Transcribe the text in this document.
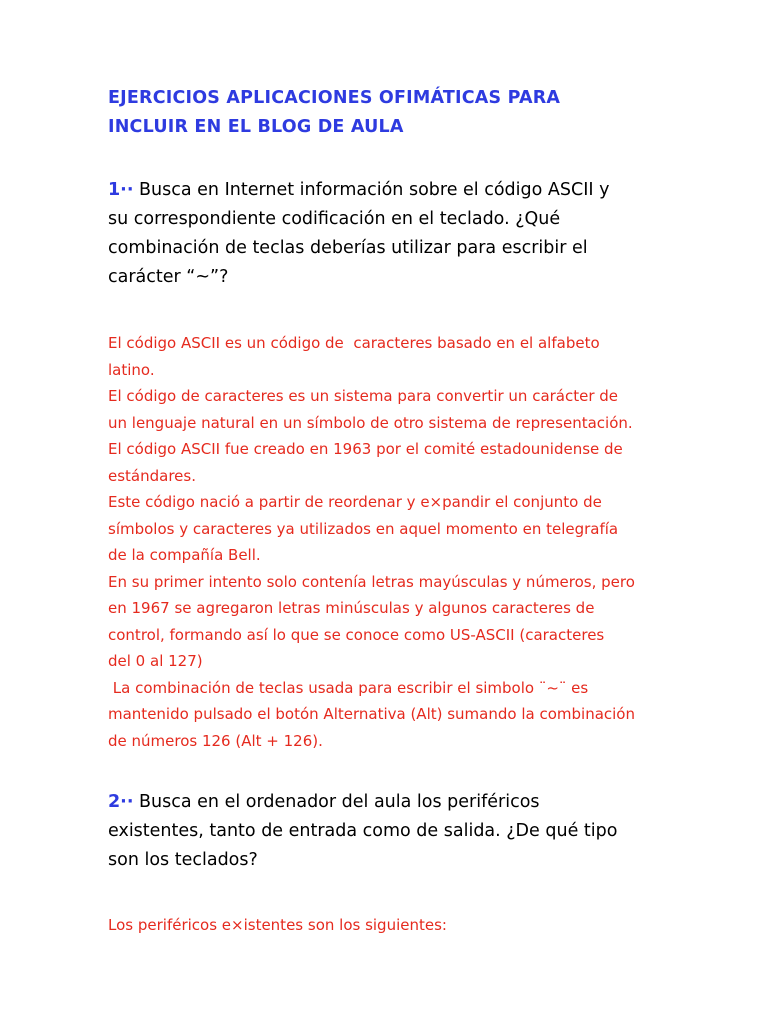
EJERCICIOS APLICACIONES OFIMÁTICAS PARA
INCLUIR EN EL BLOG DE AULA
1·· Busca en Internet información sobre el código ASCII y
su correspondiente codificación en el teclado. ¿Qué
combinación de teclas deberías utilizar para escribir el
carácter “~”?
El código ASCII es un código de  caracteres basado en el alfabeto
latino.
El código de caracteres es un sistema para convertir un carácter de
un lenguaje natural en un símbolo de otro sistema de representación.
El código ASCII fue creado en 1963 por el comité estadounidense de
estándares.
Este código nació a partir de reordenar y e×pandir el conjunto de
símbolos y caracteres ya utilizados en aquel momento en telegrafía
de la compañía Bell.
En su primer intento solo contenía letras mayúsculas y números, pero
en 1967 se agregaron letras minúsculas y algunos caracteres de
control, formando así lo que se conoce como US-ASCII (caracteres
del 0 al 127)
La combinación de teclas usada para escribir el simbolo ¨~¨ es
mantenido pulsado el botón Alternativa (Alt) sumando la combinación
de números 126 (Alt + 126).
2·· Busca en el ordenador del aula los periféricos
existentes, tanto de entrada como de salida. ¿De qué tipo
son los teclados?
Los periféricos e×istentes son los siguientes:
